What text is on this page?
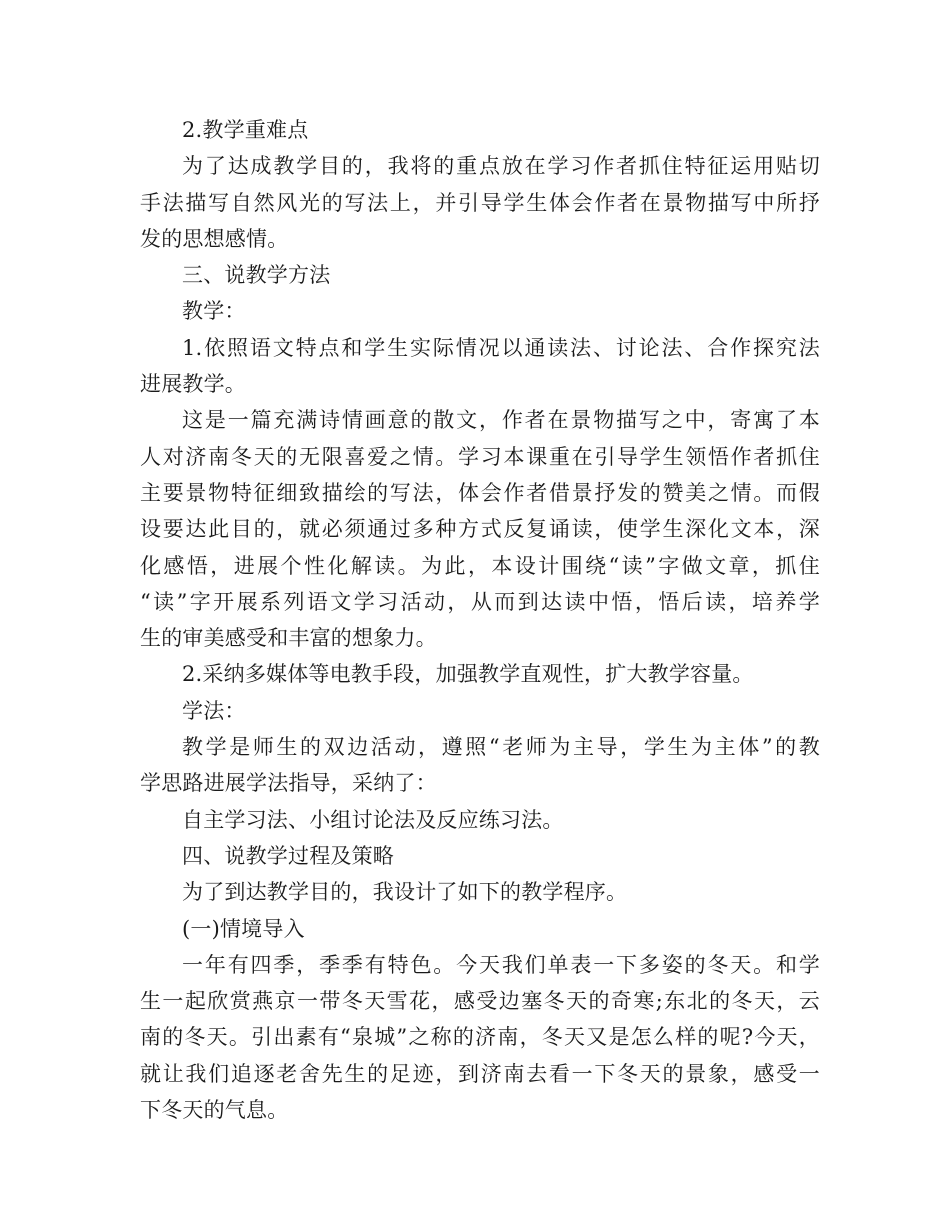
2.教学重难点
为了达成教学目的，我将的重点放在学习作者抓住特征运用贴切
手法描写自然风光的写法上，并引导学生体会作者在景物描写中所抒
发的思想感情。
三、说教学方法
教学：
1.依照语文特点和学生实际情况以通读法、讨论法、合作探究法
进展教学。
这是一篇充满诗情画意的散文，作者在景物描写之中，寄寓了本
人对济南冬天的无限喜爱之情。学习本课重在引导学生领悟作者抓住
主要景物特征细致描绘的写法，体会作者借景抒发的赞美之情。而假
设要达此目的，就必须通过多种方式反复诵读，使学生深化文本，深
化感悟，进展个性化解读。为此，本设计围绕“读”字做文章，抓住
“读”字开展系列语文学习活动，从而到达读中悟，悟后读，培养学
生的审美感受和丰富的想象力。
2.采纳多媒体等电教手段，加强教学直观性，扩大教学容量。
学法：
教学是师生的双边活动，遵照“老师为主导，学生为主体”的教
学思路进展学法指导，采纳了：
自主学习法、小组讨论法及反应练习法。
四、说教学过程及策略
为了到达教学目的，我设计了如下的教学程序。
(一)情境导入
一年有四季，季季有特色。今天我们单表一下多姿的冬天。和学
生一起欣赏燕京一带冬天雪花，感受边塞冬天的奇寒;东北的冬天，云
南的冬天。引出素有“泉城”之称的济南，冬天又是怎么样的呢?今天，
就让我们追逐老舍先生的足迹，到济南去看一下冬天的景象，感受一
下冬天的气息。
